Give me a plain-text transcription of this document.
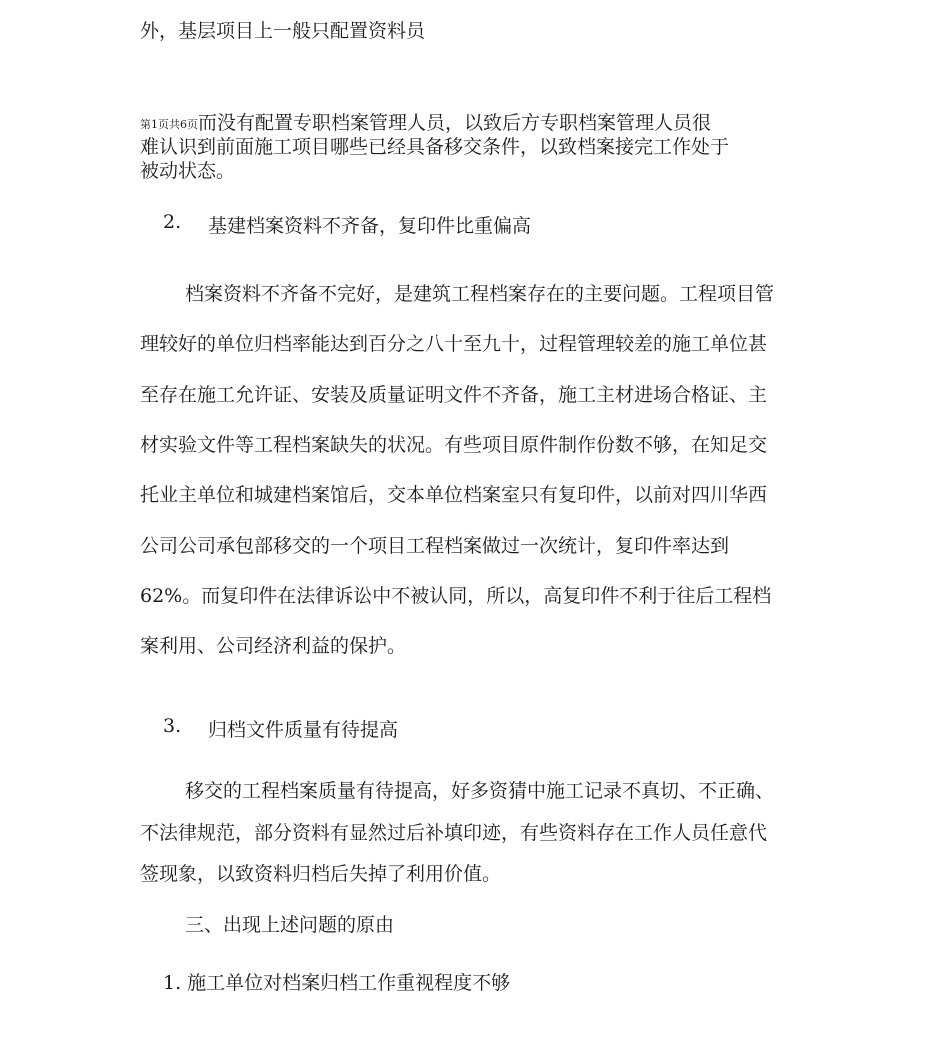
外，基层项目上一般只配置资料员
第1页共6页而没有配置专职档案管理人员，以致后方专职档案管理人员很
难认识到前面施工项目哪些已经具备移交条件，以致档案接完工作处于
被动状态。
2. 基建档案资料不齐备，复印件比重偏高
档案资料不齐备不完好，是建筑工程档案存在的主要问题。工程项目管
理较好的单位归档率能达到百分之八十至九十，过程管理较差的施工单位甚
至存在施工允许证、安装及质量证明文件不齐备，施工主材进场合格证、主
材实验文件等工程档案缺失的状况。有些项目原件制作份数不够，在知足交
托业主单位和城建档案馆后，交本单位档案室只有复印件，以前对四川华西
公司公司承包部移交的一个项目工程档案做过一次统计，复印件率达到
62%。而复印件在法律诉讼中不被认同，所以，高复印件不利于往后工程档
案利用、公司经济利益的保护。
3. 归档文件质量有待提高
移交的工程档案质量有待提高，好多资猜中施工记录不真切、不正确、
不法律规范，部分资料有显然过后补填印迹，有些资料存在工作人员任意代
签现象，以致资料归档后失掉了利用价值。
三、出现上述问题的原由
1. 施工单位对档案归档工作重视程度不够
